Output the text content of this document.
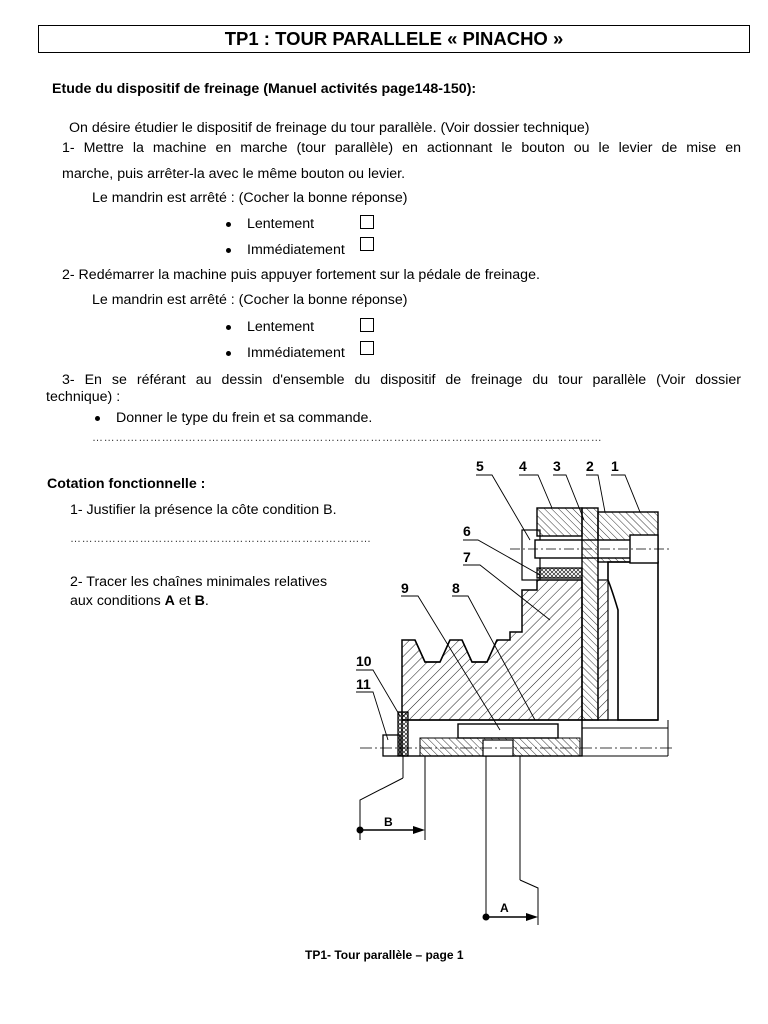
TP1 : TOUR PARALLELE « PINACHO »
Etude du dispositif de freinage (Manuel activités page148-150):
On désire étudier le dispositif de freinage du tour parallèle. (Voir dossier technique)
1- Mettre la machine en marche (tour parallèle) en actionnant le bouton ou le levier de mise en
marche, puis arrêter-la avec le même bouton ou levier.
Le mandrin est arrêté : (Cocher la bonne réponse)
Lentement
Immédiatement
2- Redémarrer la machine puis appuyer fortement sur la pédale de freinage.
Le mandrin est arrêté : (Cocher la bonne réponse)
Lentement
Immédiatement
3- En se référant au dessin d'ensemble du dispositif de freinage du tour parallèle (Voir dossier
technique) :
Donner le type du frein et sa commande.
……………………………………………………………………………………………………………………
Cotation fonctionnelle :
1- Justifier la présence la côte condition B.
……………………………………………………………………
2- Tracer les chaînes minimales relatives
aux conditions A et B.
5	4 3 2 1
6
7
9	8
10
11
B
A
TP1- Tour parallèle – page 1
